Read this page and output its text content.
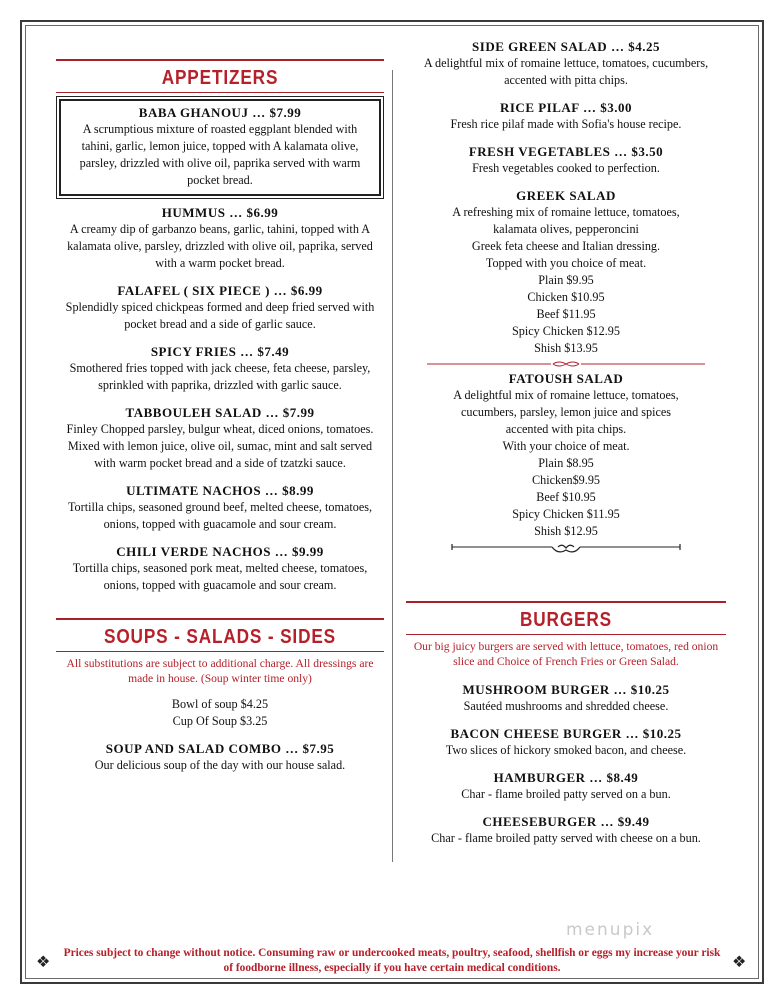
APPETIZERS
BABA GHANOUJ … $7.99
A scrumptious mixture of roasted eggplant blended with tahini, garlic, lemon juice, topped with A kalamata olive, parsley, drizzled with olive oil, paprika served with warm pocket bread.
HUMMUS … $6.99
A creamy dip of garbanzo beans, garlic, tahini, topped with A kalamata olive, parsley, drizzled with olive oil, paprika, served with a warm pocket bread.
FALAFEL ( SIX PIECE ) … $6.99
Splendidly spiced chickpeas formed and deep fried served with pocket bread and a side of garlic sauce.
SPICY FRIES … $7.49
Smothered fries topped with jack cheese, feta cheese, parsley, sprinkled with paprika, drizzled with garlic sauce.
TABBOULEH SALAD … $7.99
Finley Chopped parsley, bulgur wheat, diced onions, tomatoes. Mixed with lemon juice, olive oil, sumac, mint and salt served with warm pocket bread and a side of tzatzki sauce.
ULTIMATE NACHOS … $8.99
Tortilla chips, seasoned ground beef, melted cheese, tomatoes, onions, topped with guacamole and sour cream.
CHILI VERDE NACHOS … $9.99
Tortilla chips, seasoned pork meat, melted cheese, tomatoes, onions, topped with guacamole and sour cream.
SOUPS - SALADS - SIDES
All substitutions are subject to additional charge. All dressings are made in house. (Soup winter time only)
Bowl of soup $4.25
Cup Of Soup $3.25
SOUP AND SALAD COMBO … $7.95
Our delicious soup of the day with our house salad.
SIDE GREEN SALAD … $4.25
A delightful mix of romaine lettuce, tomatoes, cucumbers, accented with pitta chips.
RICE PILAF … $3.00
Fresh rice pilaf made with Sofia's house recipe.
FRESH VEGETABLES … $3.50
Fresh vegetables cooked to perfection.
GREEK SALAD
A refreshing mix of romaine lettuce, tomatoes,
kalamata olives, pepperoncini
Greek feta cheese and Italian dressing.
Topped with you choice of meat.
Plain $9.95
Chicken $10.95
Beef $11.95
Spicy Chicken $12.95
Shish $13.95
FATOUSH SALAD
A delightful mix of romaine lettuce, tomatoes,
cucumbers, parsley, lemon juice and spices
accented with pita chips.
With your choice of meat.
Plain $8.95
Chicken$9.95
Beef $10.95
Spicy Chicken $11.95
Shish $12.95
BURGERS
Our big juicy burgers are served with lettuce, tomatoes, red onion slice and Choice of French Fries or Green Salad.
MUSHROOM BURGER … $10.25
Sautéed mushrooms and shredded cheese.
BACON CHEESE BURGER … $10.25
Two slices of hickory smoked bacon, and cheese.
HAMBURGER … $8.49
Char - flame broiled patty served on a bun.
CHEESEBURGER … $9.49
Char - flame broiled patty served with cheese on a bun.
menupix
❖	❖
Prices subject to change without notice. Consuming raw or undercooked meats, poultry, seafood, shellfish or eggs my increase your risk of foodborne illness, especially if you have certain medical conditions.
